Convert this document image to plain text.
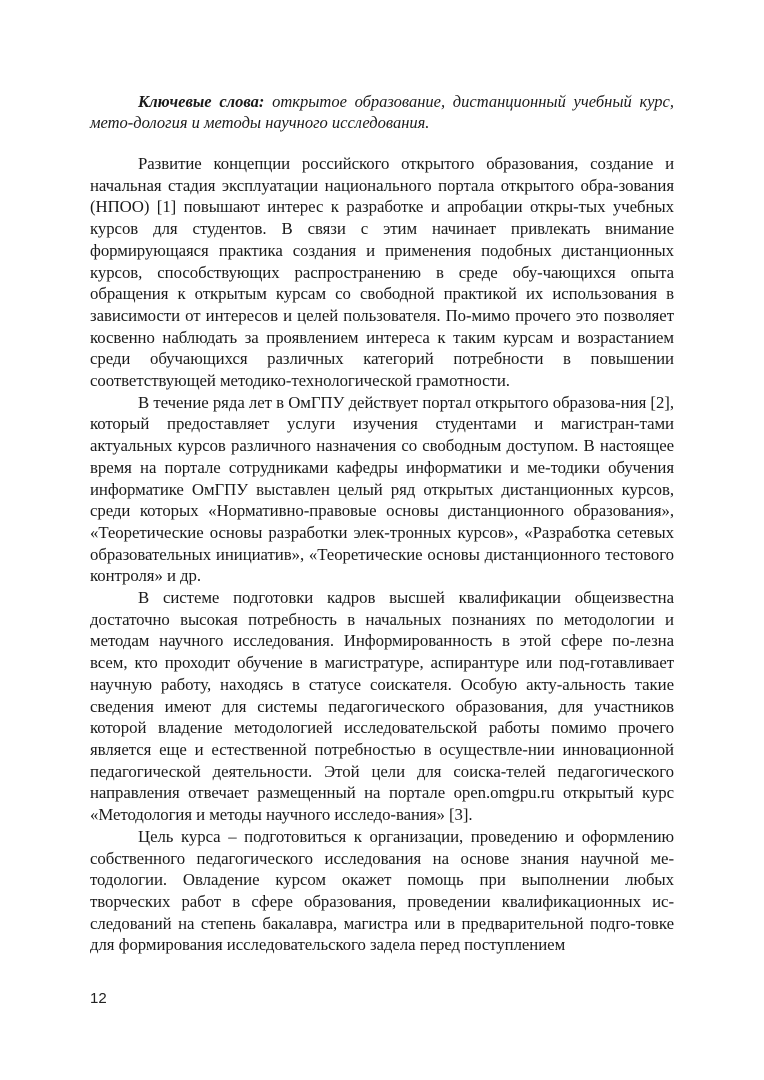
Ключевые слова: открытое образование, дистанционный учебный курс, мето-дология и методы научного исследования.

Развитие концепции российского открытого образования, создание и начальная стадия эксплуатации национального портала открытого обра-зования (НПОО) [1] повышают интерес к разработке и апробации откры-тых учебных курсов для студентов. В связи с этим начинает привлекать внимание формирующаяся практика создания и применения подобных дистанционных курсов, способствующих распространению в среде обу-чающихся опыта обращения к открытым курсам со свободной практикой их использования в зависимости от интересов и целей пользователя. По-мимо прочего это позволяет косвенно наблюдать за проявлением интереса к таким курсам и возрастанием среди обучающихся различных категорий потребности в повышении соответствующей методико-технологической грамотности.

В течение ряда лет в ОмГПУ действует портал открытого образова-ния [2], который предоставляет услуги изучения студентами и магистран-тами актуальных курсов различного назначения со свободным доступом. В настоящее время на портале сотрудниками кафедры информатики и ме-тодики обучения информатике ОмГПУ выставлен целый ряд открытых дистанционных курсов, среди которых «Нормативно-правовые основы дистанционного образования», «Теоретические основы разработки элек-тронных курсов», «Разработка сетевых образовательных инициатив», «Теоретические основы дистанционного тестового контроля» и др.

В системе подготовки кадров высшей квалификации общеизвестна достаточно высокая потребность в начальных познаниях по методологии и методам научного исследования. Информированность в этой сфере по-лезна всем, кто проходит обучение в магистратуре, аспирантуре или под-готавливает научную работу, находясь в статусе соискателя. Особую акту-альность такие сведения имеют для системы педагогического образования, для участников которой владение методологией исследовательской работы помимо прочего является еще и естественной потребностью в осуществле-нии инновационной педагогической деятельности. Этой цели для соиска-телей педагогического направления отвечает размещенный на портале open.omgpu.ru открытый курс «Методология и методы научного исследо-вания» [3].

Цель курса – подготовиться к организации, проведению и оформлению собственного педагогического исследования на основе знания научной ме-тодологии. Овладение курсом окажет помощь при выполнении любых творческих работ в сфере образования, проведении квалификационных ис-следований на степень бакалавра, магистра или в предварительной подго-товке для формирования исследовательского задела перед поступлением

12
